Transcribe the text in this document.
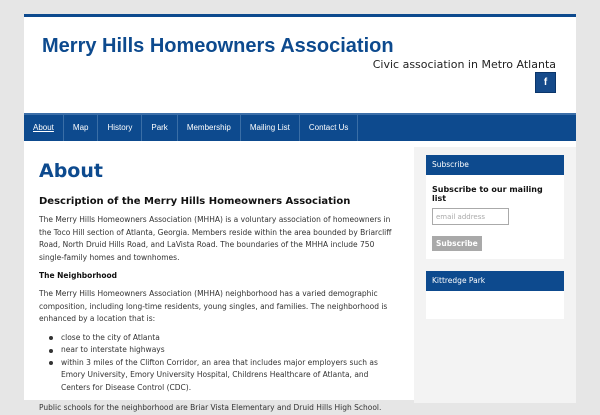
Merry Hills Homeowners Association
Civic association in Metro Atlanta
f
About	Map	History	Park	Membership	Mailing List	Contact Us
About
Description of the Merry Hills Homeowners Association

The Merry Hills Homeowners Association (MHHA) is a voluntary association of homeowners in the Toco Hill section of Atlanta, Georgia. Members reside within the area bounded by Briarcliff Road, North Druid Hills Road, and LaVista Road. The boundaries of the MHHA include 750 single-family homes and townhomes.

The Neighborhood

The Merry Hills Homeowners Association (MHHA) neighborhood has a varied demographic composition, including long-time residents, young singles, and families. The neighborhood is enhanced by a location that is:

close to the city of Atlanta
near to interstate highways
within 3 miles of the Clifton Corridor, an area that includes major employers such as Emory University, Emory University Hospital, Childrens Healthcare of Atlanta, and Centers for Disease Control (CDC).

Public schools for the neighborhood are Briar Vista Elementary and Druid Hills High School.

Subscribe
Subscribe to our mailing list
email address Subscribe
Kittredge Park
